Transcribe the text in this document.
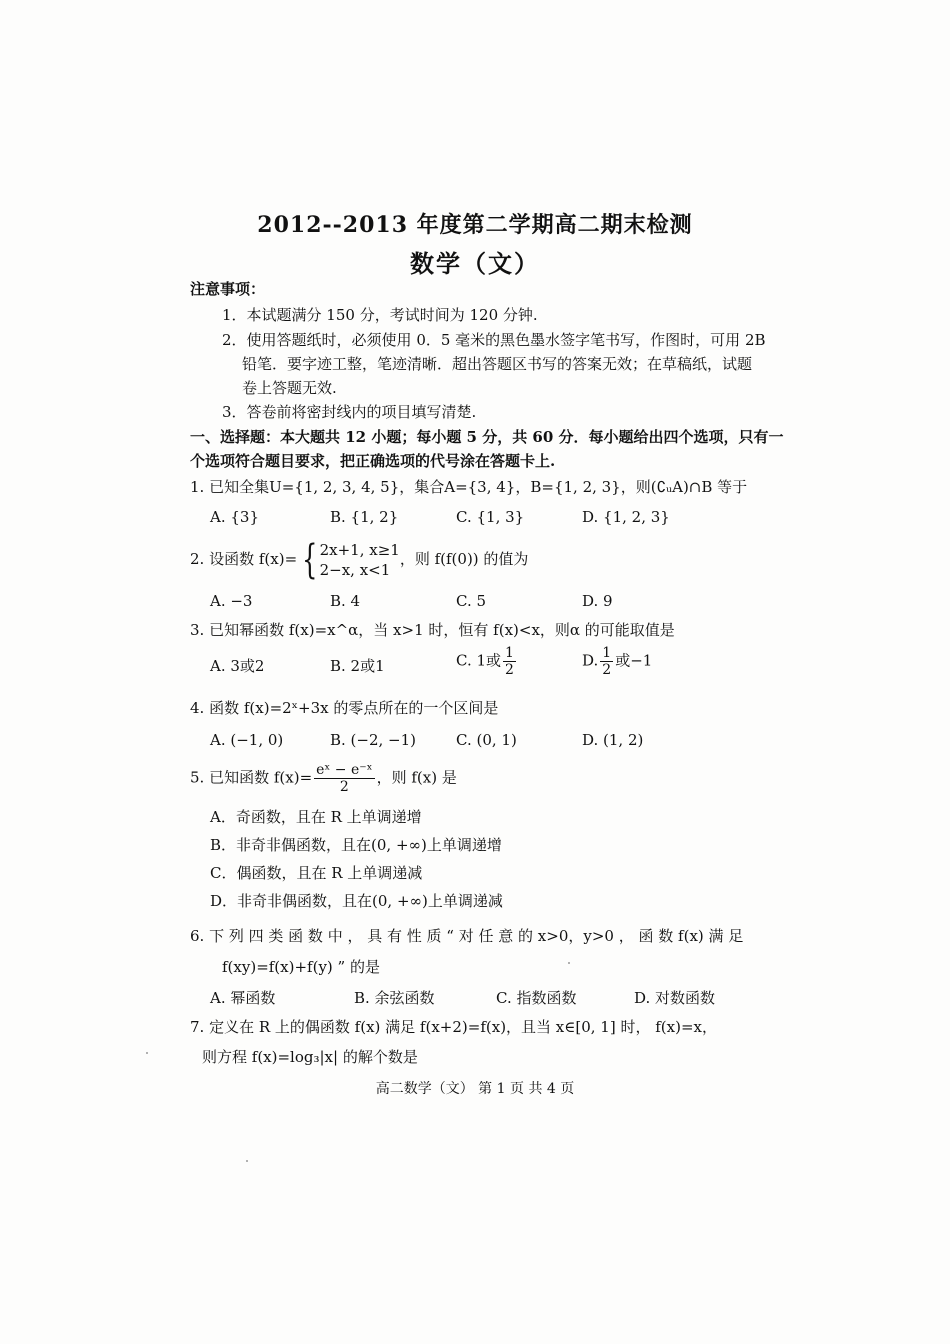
2012--2013 年度第二学期高二期末检测
数学（文）
注意事项：
1．本试题满分 150 分，考试时间为 120 分钟.
2．使用答题纸时，必须使用 0．5 毫米的黑色墨水签字笔书写，作图时，可用 2B
铅笔．要字迹工整，笔迹清晰．超出答题区书写的答案无效；在草稿纸，试题
卷上答题无效.
3．答卷前将密封线内的项目填写清楚.
一、选择题：本大题共 12 小题；每小题 5 分，共 60 分．每小题给出四个选项，只有一
个选项符合题目要求，把正确选项的代号涂在答题卡上.
1. 已知全集U={1, 2, 3, 4, 5}，集合A={3, 4}，B={1, 2, 3}，则(∁ᵤA)∩B 等于
A. {3}	B. {1, 2}	C. {1, 3}	D. {1, 2, 3}
2. 设函数 f(x)= { 2x+1, x≥1
2−x, x<1
，则 f(f(0)) 的值为
A. −3	B. 4	C. 5	D. 9
3. 已知幂函数 f(x)=x^α，当 x>1 时，恒有 f(x)<x，则α 的可能取值是
A. 3或2	B. 2或1	C. 1或 $\frac{1}{2}$	D. $\frac{1}{2}$ 或−1
4. 函数 f(x)=2ˣ+3x 的零点所在的一个区间是
A. (−1, 0)	B. (−2, −1)	C. (0, 1)	D. (1, 2)
5. 已知函数 $f(x)= \frac{\text{eˣ − e⁻ˣ}}{2}$ ，则 f(x) 是
A．奇函数，且在 R 上单调递增
B．非奇非偶函数，且在(0, +∞)上单调递增
C．偶函数，且在 R 上单调递减
D．非奇非偶函数，且在(0, +∞)上单调递减
6. 下 列 四 类 函 数 中 ， 具 有 性 质 “ 对 任 意 的 x>0，y>0 ， 函 数 f(x) 满 足
f(xy)=f(x)+f(y) ” 的是
A. 幂函数	B. 余弦函数	C. 指数函数	D. 对数函数
7. 定义在 R 上的偶函数 f(x) 满足 f(x+2)=f(x)，且当 x∈[0, 1] 时， f(x)=x，
则方程 f(x)=log₃|x| 的解个数是
高二数学（文） 第 1 页 共 4 页
